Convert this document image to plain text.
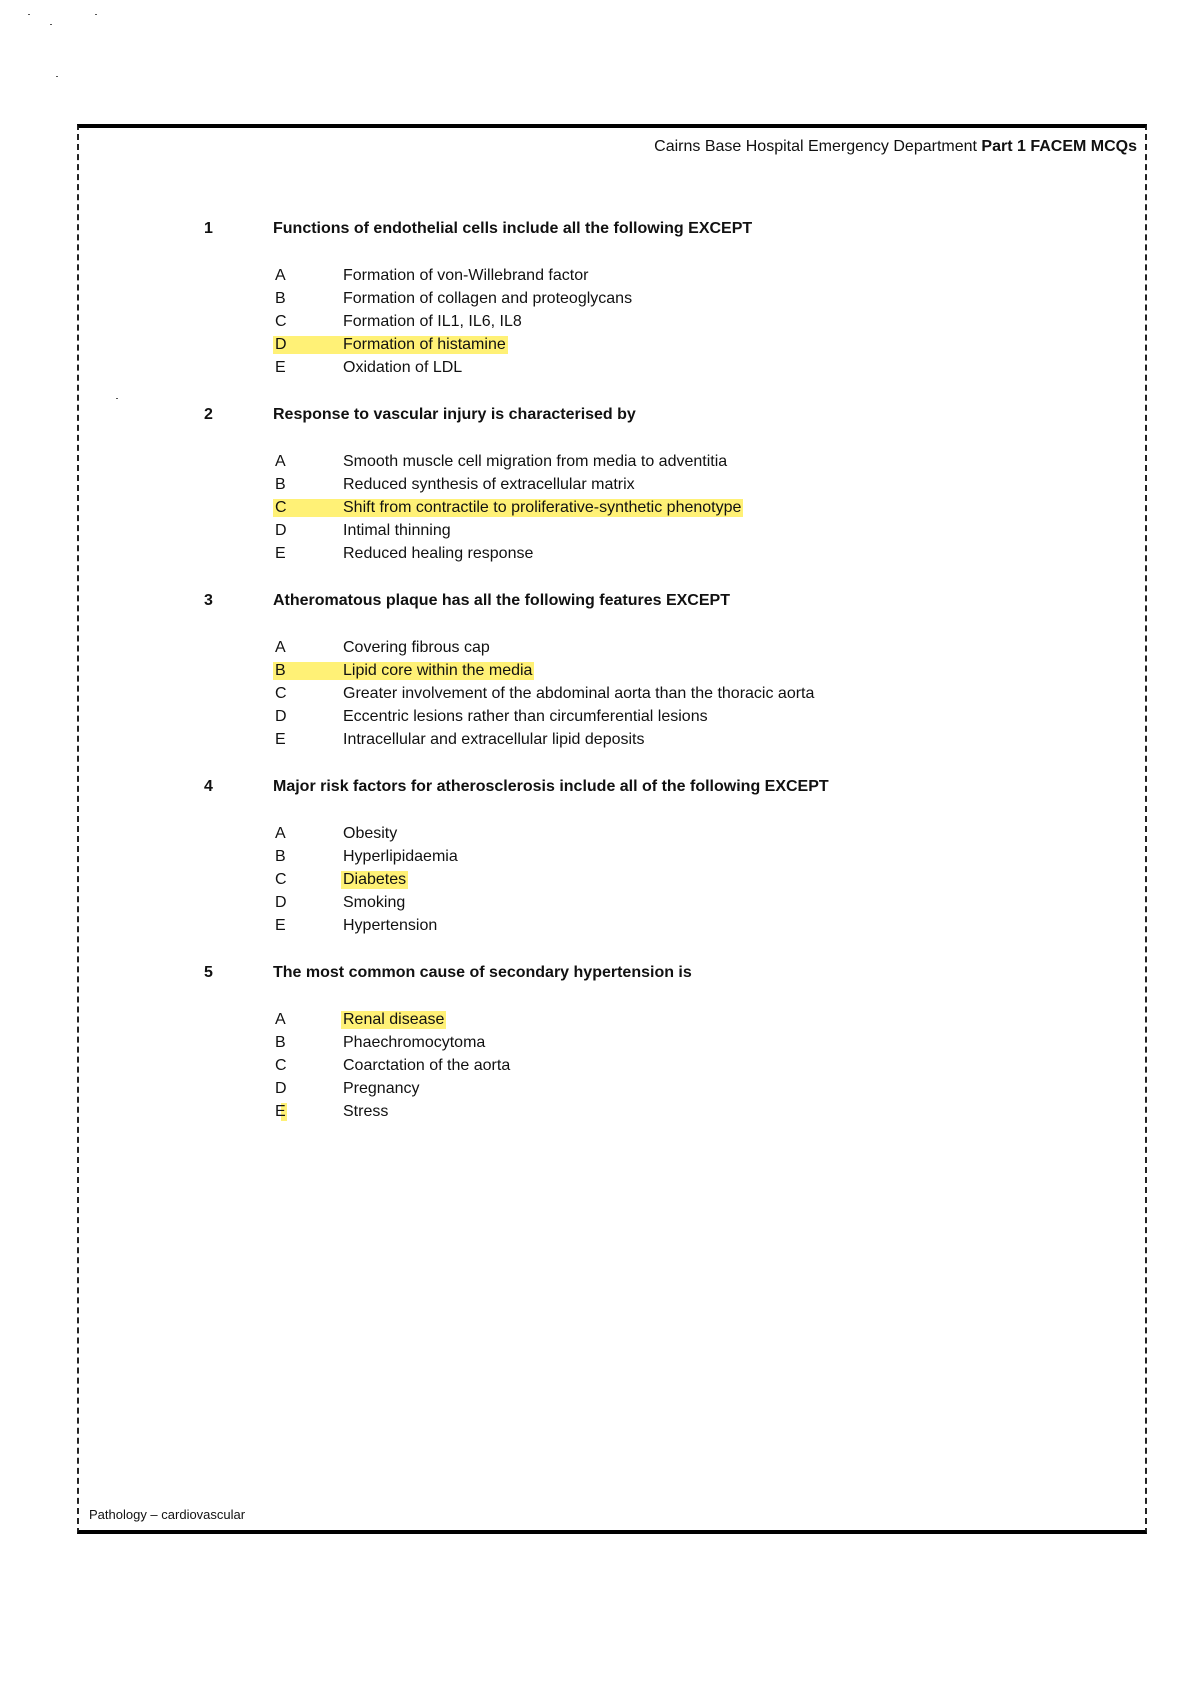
Cairns Base Hospital Emergency Department Part 1 FACEM MCQs
1	Functions of endothelial cells include all the following EXCEPT
A	Formation of von-Willebrand factor
B	Formation of collagen and proteoglycans
C	Formation of IL1, IL6, IL8
D	Formation of histamine
E	Oxidation of LDL
2	Response to vascular injury is characterised by
A	Smooth muscle cell migration from media to adventitia
B	Reduced synthesis of extracellular matrix
C	Shift from contractile to proliferative-synthetic phenotype
D	Intimal thinning
E	Reduced healing response
3	Atheromatous plaque has all the following features EXCEPT
A	Covering fibrous cap
B	Lipid core within the media
C	Greater involvement of the abdominal aorta than the thoracic aorta
D	Eccentric lesions rather than circumferential lesions
E	Intracellular and extracellular lipid deposits
4	Major risk factors for atherosclerosis include all of the following EXCEPT
A	Obesity
B	Hyperlipidaemia
C	Diabetes
D	Smoking
E	Hypertension
5	The most common cause of secondary hypertension is
A	Renal disease
B	Phaechromocytoma
C	Coarctation of the aorta
D	Pregnancy
E	Stress
Pathology – cardiovascular
